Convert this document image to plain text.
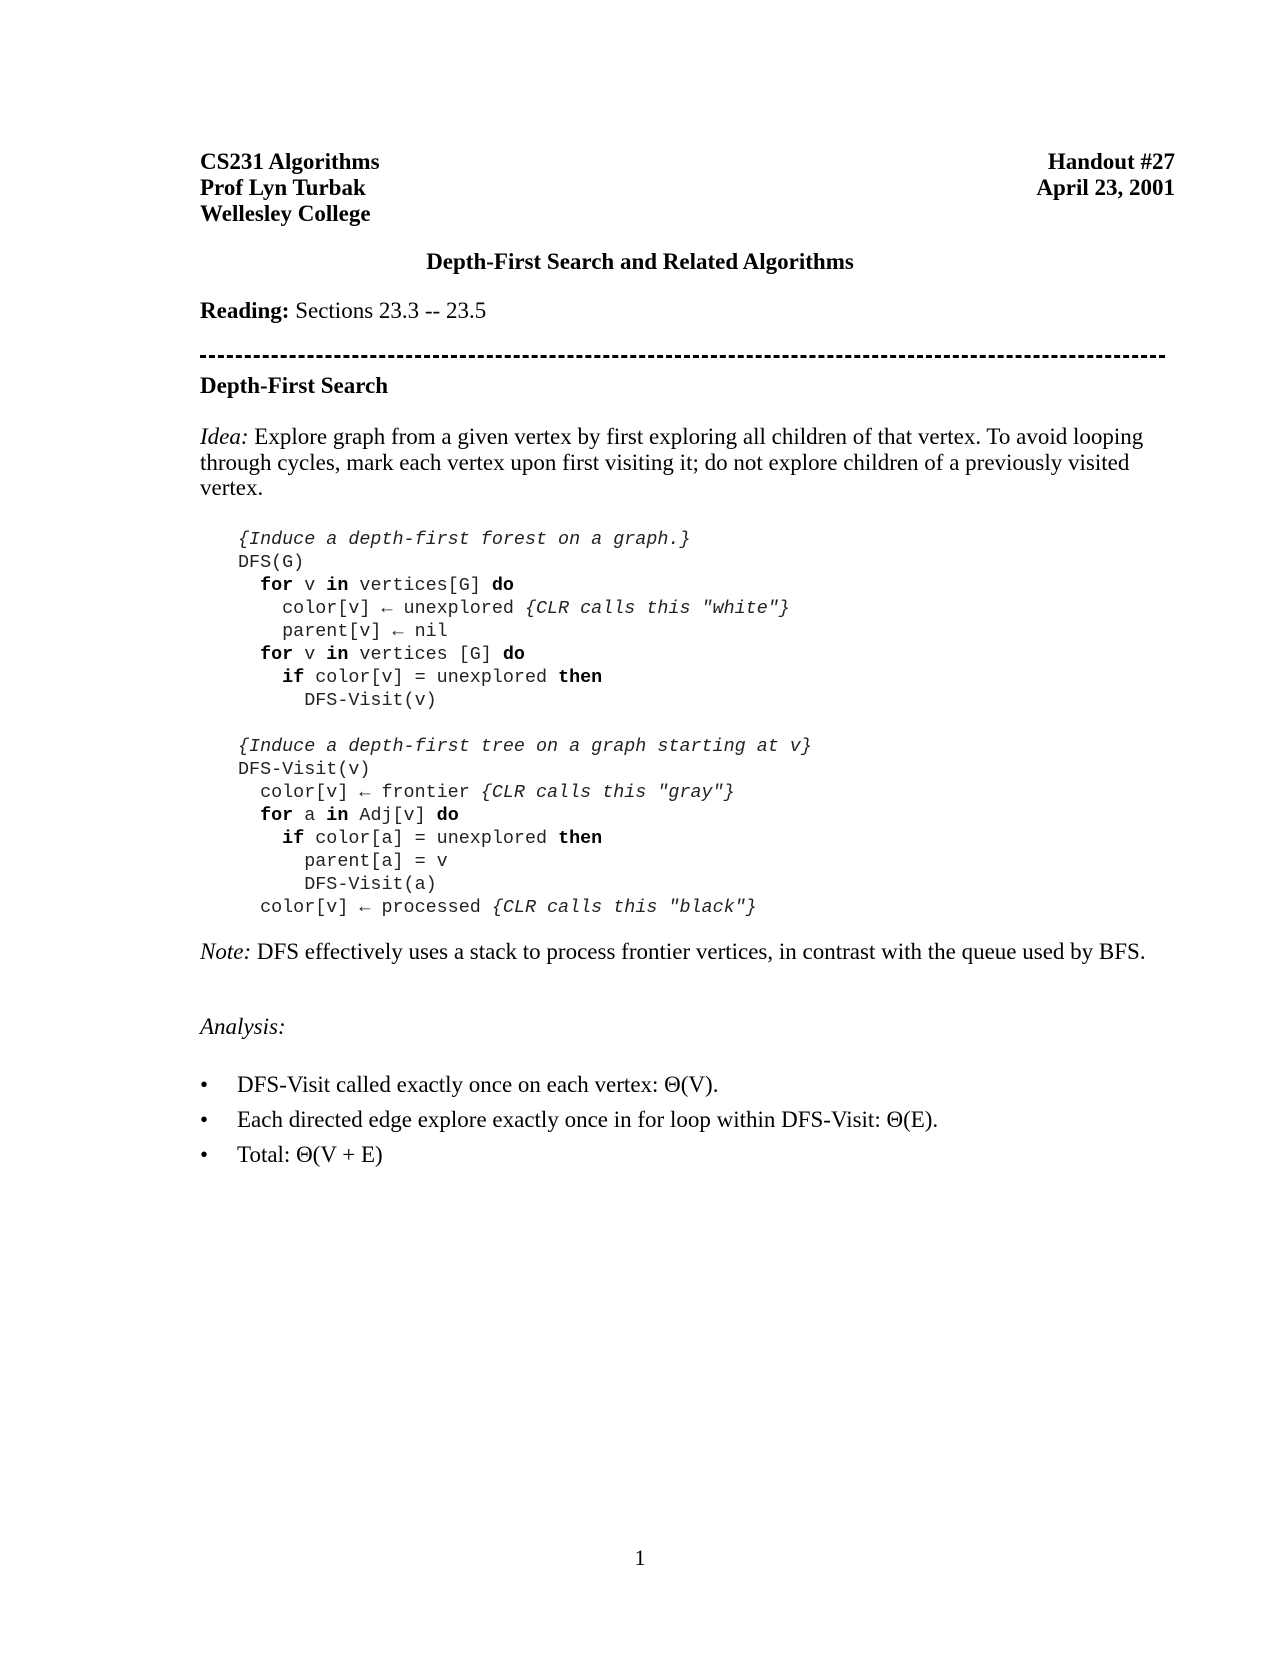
CS231 Algorithms
Prof Lyn Turbak
Wellesley College
Handout #27
April 23, 2001
Depth-First Search and Related Algorithms
Reading: Sections 23.3 -- 23.5
Depth-First Search
Idea: Explore graph from a given vertex by first exploring all children of that vertex. To avoid looping through cycles, mark each vertex upon first visiting it; do not explore children of a previously visited vertex.
{Induce a depth-first forest on a graph.}
DFS(G)
for v in vertices[G] do
color[v] ← unexplored {CLR calls this "white"}
parent[v] ← nil
for v in vertices [G] do
if color[v] = unexplored then
DFS-Visit(v)
{Induce a depth-first tree on a graph starting at v}
DFS-Visit(v)
color[v] ← frontier {CLR calls this "gray"}
for a in Adj[v] do
if color[a] = unexplored then
parent[a] = v
DFS-Visit(a)
color[v] ← processed {CLR calls this "black"}
Note: DFS effectively uses a stack to process frontier vertices, in contrast with the queue used by BFS.
Analysis:
• DFS-Visit called exactly once on each vertex: Θ(V).
• Each directed edge explore exactly once in for loop within DFS-Visit: Θ(E).
• Total: Θ(V + E)
1
